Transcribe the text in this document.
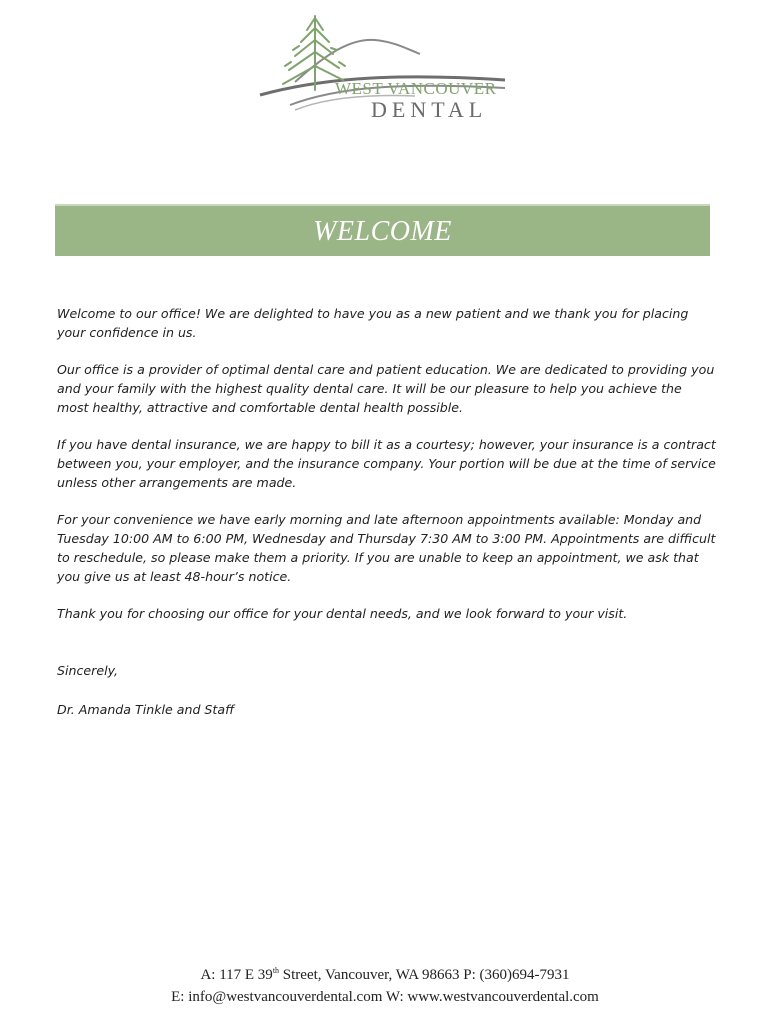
WEST VANCOUVER
DENTAL
WELCOME

Welcome to our office! We are delighted to have you as a new patient and we thank you for placing your confidence in us.

Our office is a provider of optimal dental care and patient education. We are dedicated to providing you and your family with the highest quality dental care. It will be our pleasure to help you achieve the most healthy, attractive and comfortable dental health possible.

If you have dental insurance, we are happy to bill it as a courtesy; however, your insurance is a contract between you, your employer, and the insurance company. Your portion will be due at the time of service unless other arrangements are made.

For your convenience we have early morning and late afternoon appointments available: Monday and Tuesday 10:00 AM to 6:00 PM, Wednesday and Thursday 7:30 AM to 3:00 PM. Appointments are difficult to reschedule, so please make them a priority. If you are unable to keep an appointment, we ask that you give us at least 48-hour’s notice.

Thank you for choosing our office for your dental needs, and we look forward to your visit.

Sincerely,

Dr. Amanda Tinkle and Staff

A: 117 E 39th Street, Vancouver, WA 98663 P: (360)694-7931
E: info@westvancouverdental.com W: www.westvancouverdental.com
